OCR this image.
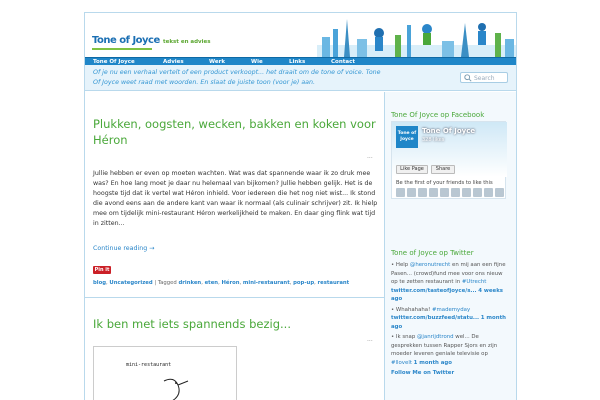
Tone of Joyce tekst en advies
Tone Of Joyce	Advies	Werk	Wie	Links	Contact
Of je nu een verhaal vertelt of een product verkoopt... het draait om de tone of voice. Tone Of Joyce weet raad met woorden. En slaat de juiste toon (voor je) aan.
Search
Plukken, oogsten, wecken, bakken en koken voor Héron
...
Jullie hebben er even op moeten wachten. Wat was dat spannende waar ik zo druk mee was? En hoe lang moet je daar nu helemaal van bijkomen? Jullie hebben gelijk. Het is de hoogste tijd dat ik vertel wat Héron inhield. Voor iedereen die het nog niet wist... Ik stond die avond eens aan de andere kant van waar ik normaal (als culinair schrijver) zit. Ik hielp mee om tijdelijk mini-restaurant Héron werkelijkheid te maken. En daar ging flink wat tijd in zitten...
Continue reading →
Pin it
blog, Uncategorized | Tagged drinken, eten, Héron, mini-restaurant, pop-up, restaurant
Ik ben met iets spannends bezig...
...
mini-restaurant
Tone Of Joyce op Facebook
Tone of Joyce
Tone Of Joyce
328 likes
Like Page	Share
Be the first of your friends to like this
Tone of Joyce op Twitter
• Help @heronutrecht en mij aan een fijne Pasen... (crowd)fund mee voor ons nieuw op te zetten restaurant in #Utrecht twitter.com/tasteofjoyce/s... 4 weeks ago
• Whahahaha! #mademyday twitter.com/buzzfeed/statu... 1 month ago
• Ik snap @janrijdtrond wel... De gesprekken tussen Rapper Sjors en zijn moeder leveren geniale televisie op #llovelt 1 month ago
Follow Me on Twitter
